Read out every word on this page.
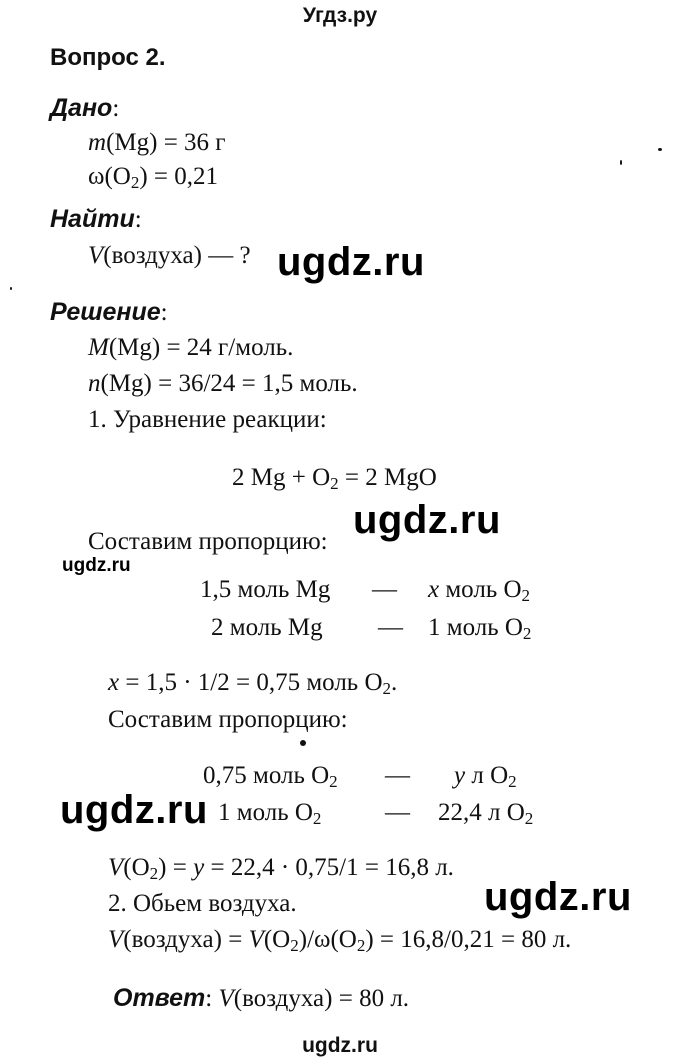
Угдз.ру
Вопрос 2.
Дано:
m(Mg) = 36 г
$\omega(O_2) = 0,21$
Найти:
V(воздуха) — ?
Решение:
M(Mg) = 24 г/моль.
n(Mg) = 36/24 = 1,5 моль.
1. Уравнение реакции:
2 $Mg + O_2 = 2$ MgO
Составим пропорцию:
1,5 моль Mg — x моль $O_2$
2 моль Mg — 1 моль $O_2$
x = 1,5 · 1/2 = 0,75 моль $O_2$.
Составим пропорцию:
0,75 моль $O_2$ — y л $O_2$
1 моль $O_2$	— 22,4 л $O_2$
$V(O_2) = y = 22,4 \cdot 0,75/1 = 16,8$ л.
2. Обьем воздуха.
V(воздуха) = $V(O_2)/\omega(O_2) = 16,8/0,21 = 80$ л.
Ответ: V(воздуха) = 80 л.
ugdz.ru
ugdz.ru
ugdz.ru
ugdz.ru
ugdz.ru
ugdz.ru
